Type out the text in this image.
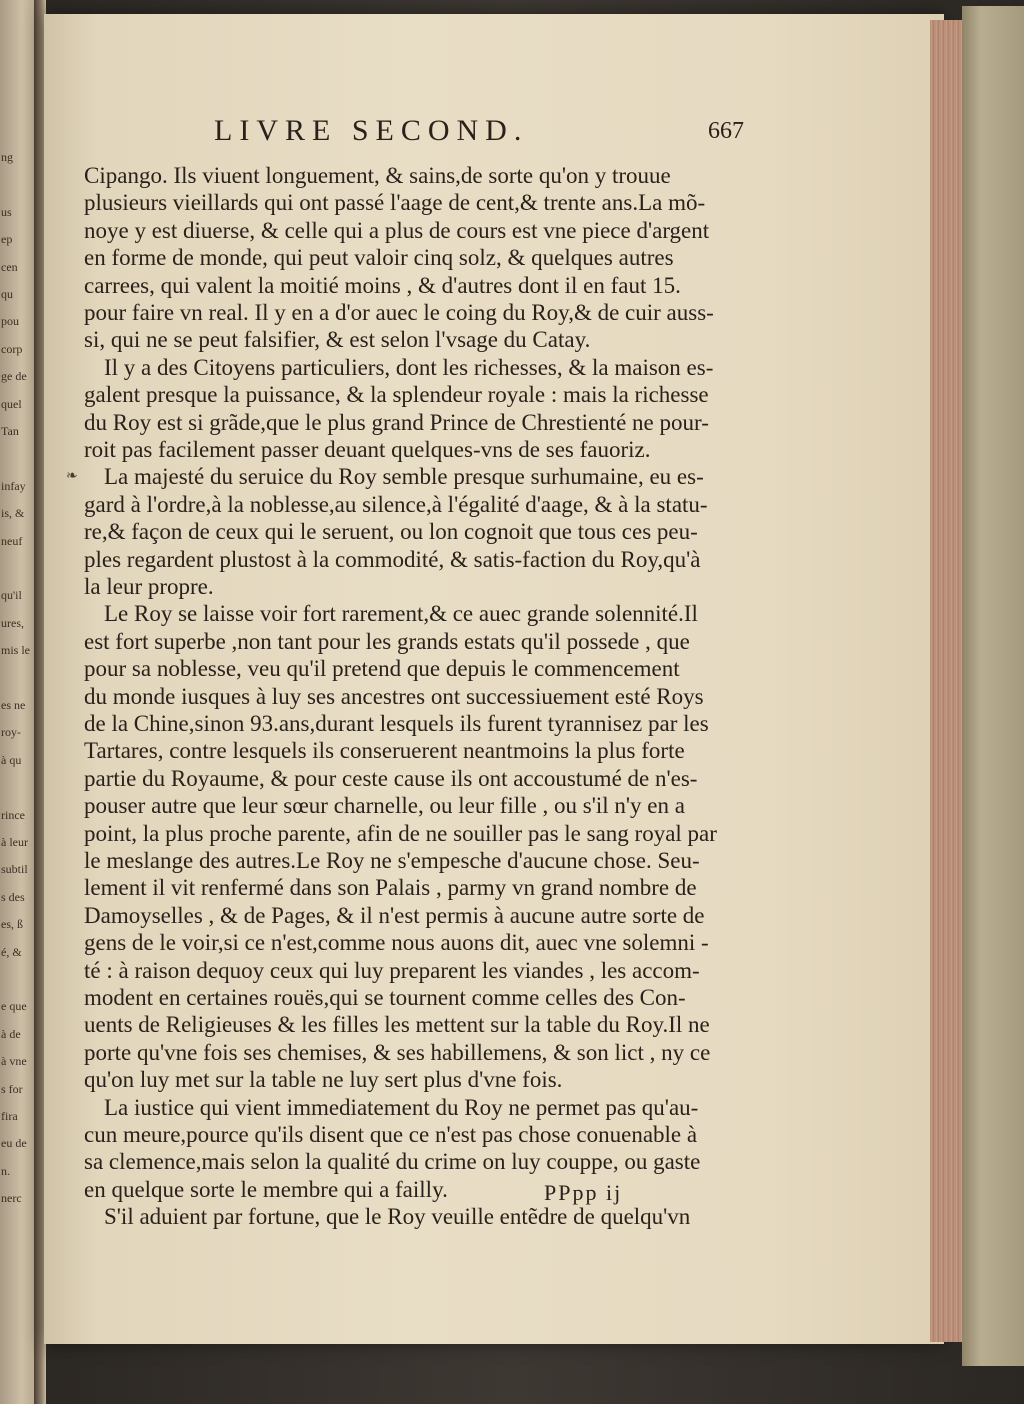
ng
us
ep
cen
qu
pou
corp
ge de
quel
Tan
infay
is, &
neuf
qu'il
ures,
mis le
es ne
roy-
à qu
rince
à leur
subtil
s des
es, ß
é, &
e que
à de
à vne
s for
fira
eu de
n.
nerc
LIVRE SECOND.	667
Cipango. Ils viuent longuement, & sains,de sorte qu'on y trouue
plusieurs vieillards qui ont passé l'aage de cent,& trente ans.La mõ-
noye y est diuerse, & celle qui a plus de cours est vne piece d'argent
en forme de monde, qui peut valoir cinq solz, & quelques autres
carrees, qui valent la moitié moins , & d'autres dont il en faut 15.
pour faire vn real. Il y en a d'or auec le coing du Roy,& de cuir auss-
si, qui ne se peut falsifier, & est selon l'vsage du Catay.
Il y a des Citoyens particuliers, dont les richesses, & la maison es-
galent presque la puissance, & la splendeur royale : mais la richesse
du Roy est si grãde,que le plus grand Prince de Chrestienté ne pour-
roit pas facilement passer deuant quelques-vns de ses fauoriz.
La majesté du seruice du Roy semble presque surhumaine, eu es-
❧
gard à l'ordre,à la noblesse,au silence,à l'égalité d'aage, & à la statu-
re,& façon de ceux qui le seruent, ou lon cognoit que tous ces peu-
ples regardent plustost à la commodité, & satis-faction du Roy,qu'à
la leur propre.
Le Roy se laisse voir fort rarement,& ce auec grande solennité.Il
est fort superbe ,non tant pour les grands estats qu'il possede , que
pour sa noblesse, veu qu'il pretend que depuis le commencement
du monde iusques à luy ses ancestres ont successiuement esté Roys
de la Chine,sinon 93.ans,durant lesquels ils furent tyrannisez par les
Tartares, contre lesquels ils conseruerent neantmoins la plus forte
partie du Royaume, & pour ceste cause ils ont accoustumé de n'es-
pouser autre que leur sœur charnelle, ou leur fille , ou s'il n'y en a
point, la plus proche parente, afin de ne souiller pas le sang royal par
le meslange des autres.Le Roy ne s'empesche d'aucune chose. Seu-
lement il vit renfermé dans son Palais , parmy vn grand nombre de
Damoyselles , & de Pages, & il n'est permis à aucune autre sorte de
gens de le voir,si ce n'est,comme nous auons dit, auec vne solemni -
té : à raison dequoy ceux qui luy preparent les viandes , les accom-
modent en certaines rouës,qui se tournent comme celles des Con-
uents de Religieuses & les filles les mettent sur la table du Roy.Il ne
porte qu'vne fois ses chemises, & ses habillemens, & son lict , ny ce
qu'on luy met sur la table ne luy sert plus d'vne fois.
La iustice qui vient immediatement du Roy ne permet pas qu'au-
cun meure,pource qu'ils disent que ce n'est pas chose conuenable à
sa clemence,mais selon la qualité du crime on luy couppe, ou gaste
en quelque sorte le membre qui a failly.
S'il aduient par fortune, que le Roy veuille entẽdre de quelqu'vn
PPpp ij
